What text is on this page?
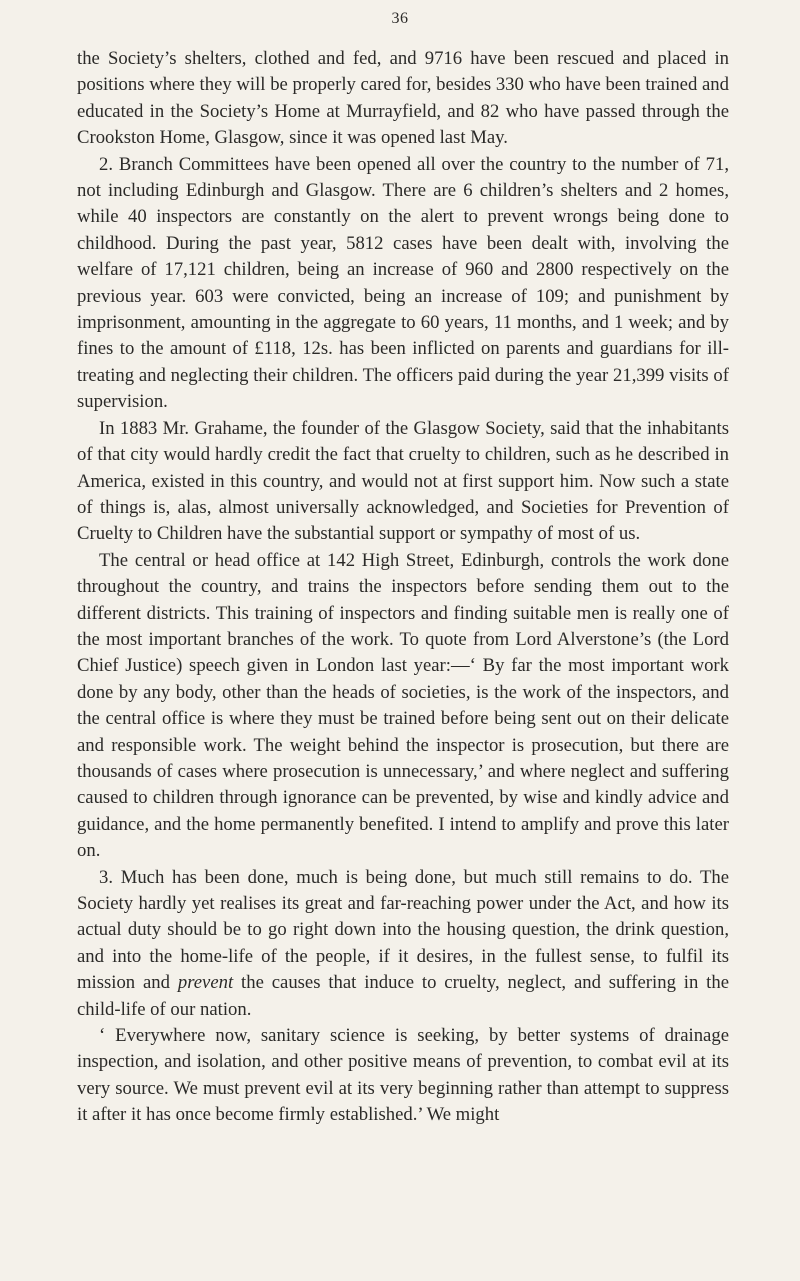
36

the Society’s shelters, clothed and fed, and 9716 have been rescued and placed in positions where they will be properly cared for, besides 330 who have been trained and educated in the Society’s Home at Murrayfield, and 82 who have passed through the Crookston Home, Glasgow, since it was opened last May.

2. Branch Committees have been opened all over the country to the number of 71, not including Edinburgh and Glasgow. There are 6 children’s shelters and 2 homes, while 40 inspectors are constantly on the alert to prevent wrongs being done to childhood. During the past year, 5812 cases have been dealt with, involving the welfare of 17,121 children, being an increase of 960 and 2800 respectively on the previous year. 603 were convicted, being an increase of 109; and punishment by imprisonment, amounting in the aggregate to 60 years, 11 months, and 1 week; and by fines to the amount of £118, 12s. has been inflicted on parents and guardians for ill-treating and neglecting their children. The officers paid during the year 21,399 visits of supervision.

In 1883 Mr. Grahame, the founder of the Glasgow Society, said that the inhabitants of that city would hardly credit the fact that cruelty to children, such as he described in America, existed in this country, and would not at first support him. Now such a state of things is, alas, almost universally acknowledged, and Societies for Prevention of Cruelty to Children have the substantial support or sympathy of most of us.

The central or head office at 142 High Street, Edinburgh, controls the work done throughout the country, and trains the inspectors before sending them out to the different districts. This training of inspectors and finding suitable men is really one of the most important branches of the work. To quote from Lord Alverstone’s (the Lord Chief Justice) speech given in London last year:—‘ By far the most important work done by any body, other than the heads of societies, is the work of the inspectors, and the central office is where they must be trained before being sent out on their delicate and responsible work. The weight behind the inspector is prosecution, but there are thousands of cases where prosecution is unnecessary,’ and where neglect and suffering caused to children through ignorance can be prevented, by wise and kindly advice and guidance, and the home permanently benefited. I intend to amplify and prove this later on.

3. Much has been done, much is being done, but much still remains to do. The Society hardly yet realises its great and far-reaching power under the Act, and how its actual duty should be to go right down into the housing question, the drink question, and into the home-life of the people, if it desires, in the fullest sense, to fulfil its mission and prevent the causes that induce to cruelty, neglect, and suffering in the child-life of our nation.

‘ Everywhere now, sanitary science is seeking, by better systems of drainage inspection, and isolation, and other positive means of prevention, to combat evil at its very source. We must prevent evil at its very beginning rather than attempt to suppress it after it has once become firmly established.’ We might
